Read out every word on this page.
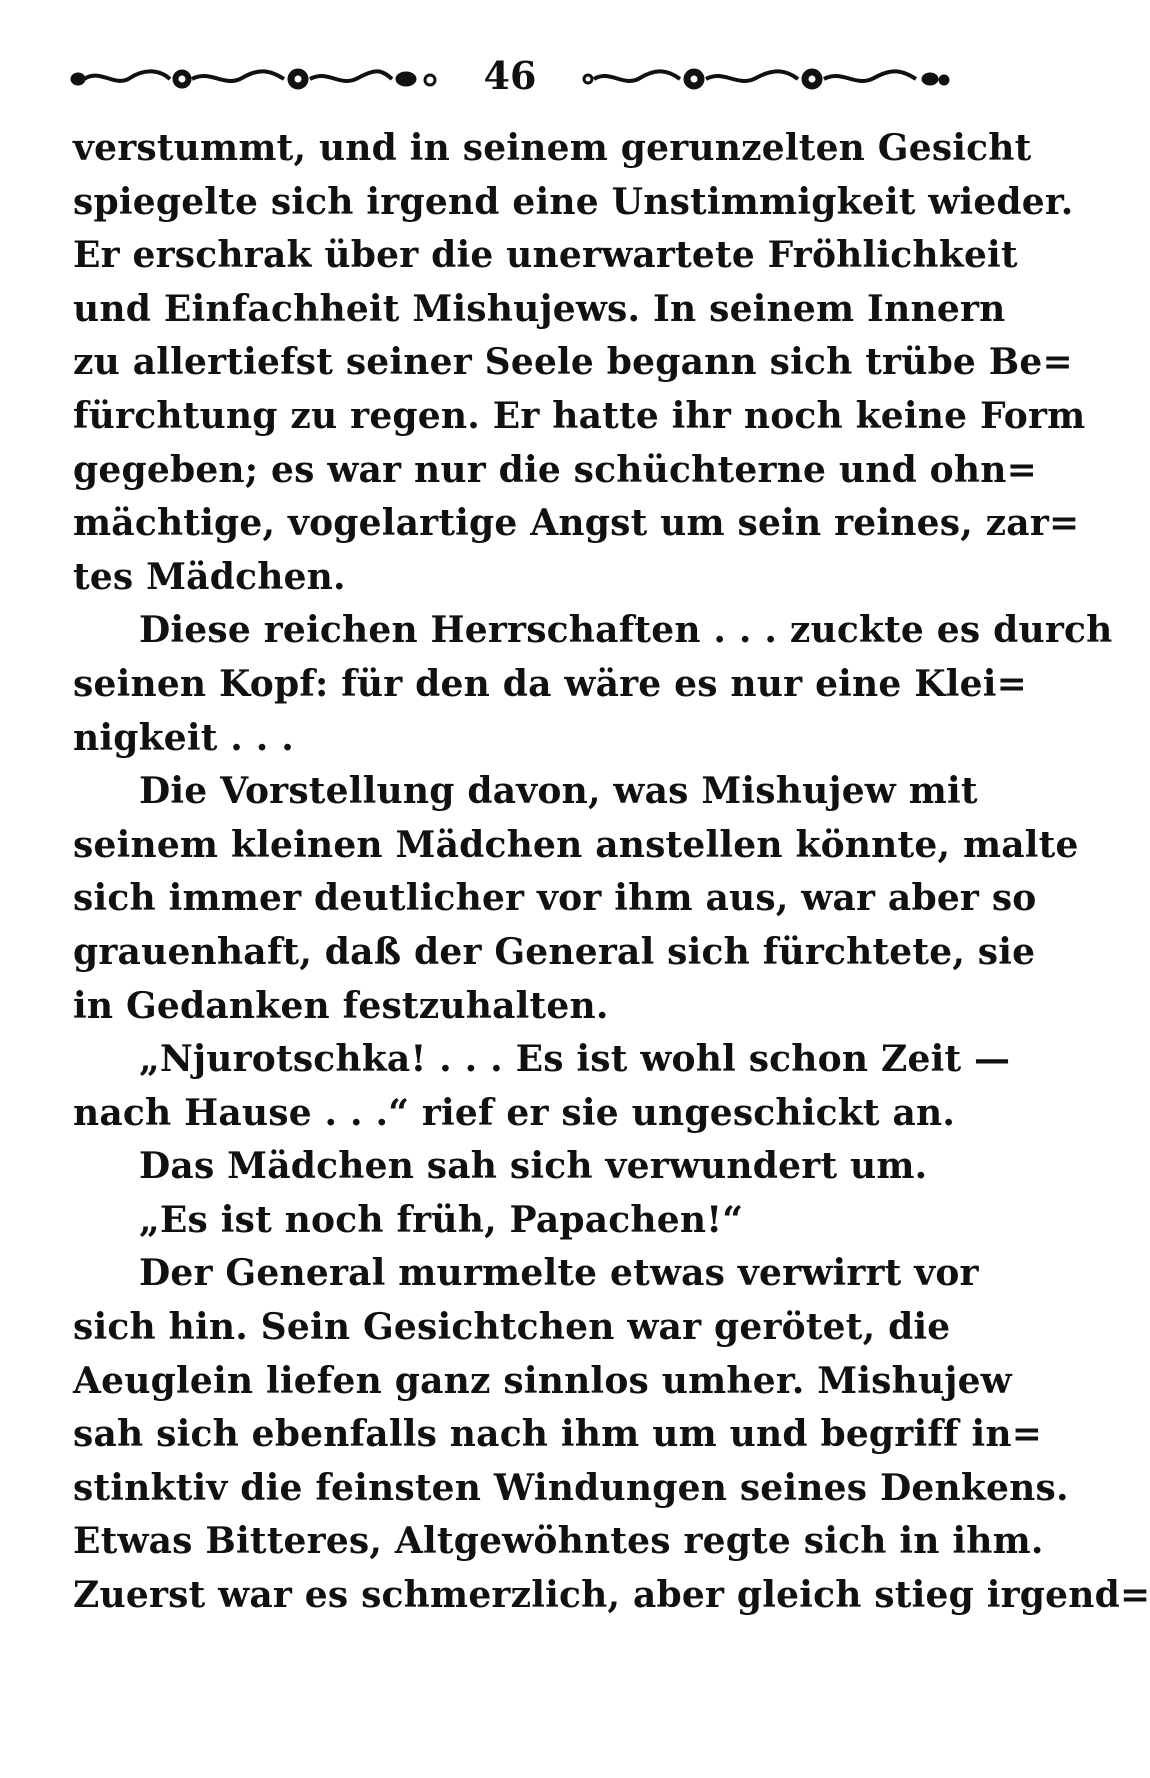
46

verstummt, und in seinem gerunzelten Gesicht
spiegelte sich irgend eine Unstimmigkeit wieder.
Er erschrak über die unerwartete Fröhlichkeit
und Einfachheit Mishujews. In seinem Innern
zu allertiefst seiner Seele begann sich trübe Be=
fürchtung zu regen. Er hatte ihr noch keine Form
gegeben; es war nur die schüchterne und ohn=
mächtige, vogelartige Angst um sein reines, zar=
tes Mädchen.

Diese reichen Herrschaften . . . zuckte es durch
seinen Kopf: für den da wäre es nur eine Klei=
nigkeit . . .

Die Vorstellung davon, was Mishujew mit
seinem kleinen Mädchen anstellen könnte, malte
sich immer deutlicher vor ihm aus, war aber so
grauenhaft, daß der General sich fürchtete, sie
in Gedanken festzuhalten.

„Njurotschka! . . . Es ist wohl schon Zeit —
nach Hause . . .“ rief er sie ungeschickt an.

Das Mädchen sah sich verwundert um.

„Es ist noch früh, Papachen!“

Der General murmelte etwas verwirrt vor
sich hin. Sein Gesichtchen war gerötet, die
Aeuglein liefen ganz sinnlos umher. Mishujew
sah sich ebenfalls nach ihm um und begriff in=
stinktiv die feinsten Windungen seines Denkens.
Etwas Bitteres, Altgewöhntes regte sich in ihm.
Zuerst war es schmerzlich, aber gleich stieg irgend=
